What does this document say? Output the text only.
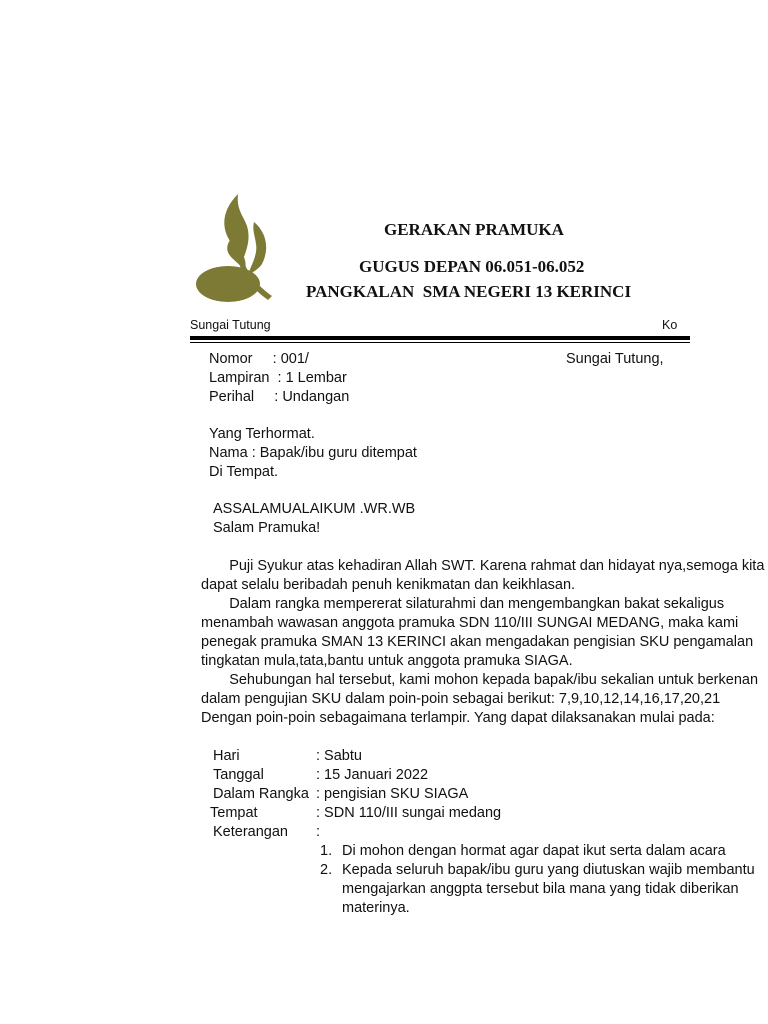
GERAKAN PRAMUKA
GUGUS DEPAN 06.051-06.052
PANGKALAN  SMA NEGERI 13 KERINCI
Sungai Tutung	Ko
Nomor     : 001/
Lampiran  : 1 Lembar
Perihal     : Undangan
Sungai Tutung,
Yang Terhormat.
Nama : Bapak/ibu guru ditempat
Di Tempat.
ASSALAMUALAIKUM .WR.WB
Salam Pramuka!
Puji Syukur atas kehadiran Allah SWT. Karena rahmat dan hidayat nya,semoga kita
dapat selalu beribadah penuh kenikmatan dan keikhlasan.
Dalam rangka mempererat silaturahmi dan mengembangkan bakat sekaligus
menambah wawasan anggota pramuka SDN 110/III SUNGAI MEDANG, maka kami
penegak pramuka SMAN 13 KERINCI akan mengadakan pengisian SKU pengamalan
tingkatan mula,tata,bantu untuk anggota pramuka SIAGA.
Sehubungan hal tersebut, kami mohon kepada bapak/ibu sekalian untuk berkenan
dalam pengujian SKU dalam poin-poin sebagai berikut: 7,9,10,12,14,16,17,20,21
Dengan poin-poin sebagaimana terlampir. Yang dapat dilaksanakan mulai pada:
Hari	: Sabtu
Tanggal	: 15 Januari 2022
Dalam Rangka : pengisian SKU SIAGA
Tempat	: SDN 110/III sungai medang
Keterangan :
1. Di mohon dengan hormat agar dapat ikut serta dalam acara
2. Kepada seluruh bapak/ibu guru yang diutuskan wajib membantu
mengajarkan anggpta tersebut bila mana yang tidak diberikan
materinya.
